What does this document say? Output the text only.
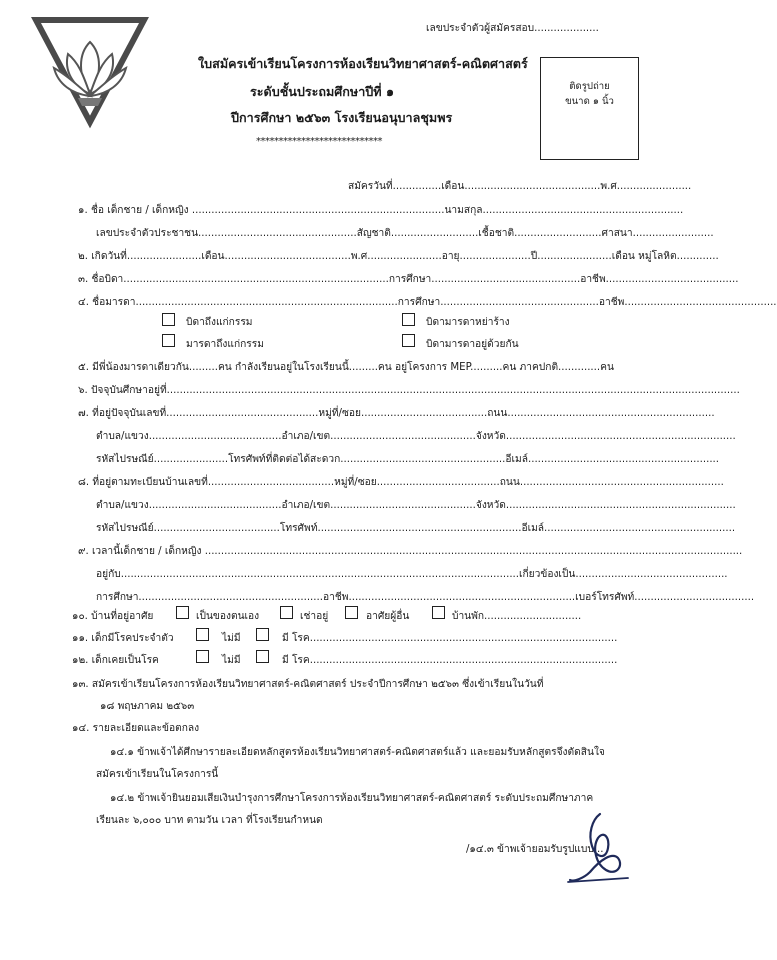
เลขประจำตัวผู้สมัครสอบ....................
ใบสมัครเข้าเรียนโครงการห้องเรียนวิทยาศาสตร์-คณิตศาสตร์
ระดับชั้นประถมศึกษาปีที่ ๑
ปีการศึกษา ๒๕๖๓ โรงเรียนอนุบาลชุมพร
****************************
ติดรูปถ่าย
ขนาด ๑ นิ้ว
สมัครวันที่...............เดือน..........................................พ.ศ.......................
๑. ชื่อ เด็กชาย / เด็กหญิง ..............................................................................นามสกุล..............................................................
เลขประจำตัวประชาชน.................................................สัญชาติ...........................เชื้อชาติ...........................ศาสนา.........................
๒. เกิดวันที่.......................เดือน.......................................พ.ศ.......................อายุ......................ปี.......................เดือน หมู่โลหิต.............
๓. ชื่อบิดา..................................................................................การศึกษา..............................................อาชีพ.........................................
๔. ชื่อมารดา.................................................................................การศึกษา.................................................อาชีพ...............................................
บิดาถึงแก่กรรม	บิดามารดาหย่าร้าง
มารดาถึงแก่กรรม	บิดามารดาอยู่ด้วยกัน
๕. มีพี่น้องมารดาเดียวกัน.........คน กำลังเรียนอยู่ในโรงเรียนนี้.........คน อยู่โครงการ MEP..........คน ภาคปกติ.............คน
๖. ปัจจุบันศึกษาอยู่ที่.................................................................................................................................................................................
๗. ที่อยู่ปัจจุบันเลขที่...............................................หมู่ที่/ซอย.......................................ถนน................................................................
ตำบล/แขวง.........................................อำเภอ/เขต.............................................จังหวัด.......................................................................
รหัสไปรษณีย์.......................โทรศัพท์ที่ติดต่อได้สะดวก...................................................อีเมล์...........................................................
๘. ที่อยู่ตามทะเบียนบ้านเลขที่.......................................หมู่ที่/ซอย......................................ถนน...............................................................
ตำบล/แขวง.........................................อำเภอ/เขต.............................................จังหวัด.......................................................................
รหัสไปรษณีย์.......................................โทรศัพท์...............................................................อีเมล์...........................................................
๙. เวลานี้เด็กชาย / เด็กหญิง ......................................................................................................................................................................
อยู่กับ...........................................................................................................................เกี่ยวข้องเป็น...............................................
การศึกษา.........................................................อาชีพ......................................................................เบอร์โทรศัพท์.....................................
๑๐. บ้านที่อยู่อาศัย	เป็นของตนเอง	เช่าอยู่	อาศัยผู้อื่น	บ้านพัก..............................
๑๑. เด็กมีโรคประจำตัว	ไม่มี	มี โรค...............................................................................................
๑๒. เด็กเคยเป็นโรค	ไม่มี	มี โรค...............................................................................................
๑๓. สมัครเข้าเรียนโครงการห้องเรียนวิทยาศาสตร์-คณิตศาสตร์ ประจำปีการศึกษา ๒๕๖๓ ซึ่งเข้าเรียนในวันที่
๑๘ พฤษภาคม ๒๕๖๓
๑๔. รายละเอียดและข้อตกลง
๑๔.๑ ข้าพเจ้าได้ศึกษารายละเอียดหลักสูตรห้องเรียนวิทยาศาสตร์-คณิตศาสตร์แล้ว และยอมรับหลักสูตรจึงตัดสินใจ
สมัครเข้าเรียนในโครงการนี้
๑๔.๒ ข้าพเจ้ายินยอมเสียเงินบำรุงการศึกษาโครงการห้องเรียนวิทยาศาสตร์-คณิตศาสตร์ ระดับประถมศึกษาภาค
เรียนละ ๖,๐๐๐ บาท ตามวัน เวลา ที่โรงเรียนกำหนด
/๑๔.๓ ข้าพเจ้ายอมรับรูปแบบ...
